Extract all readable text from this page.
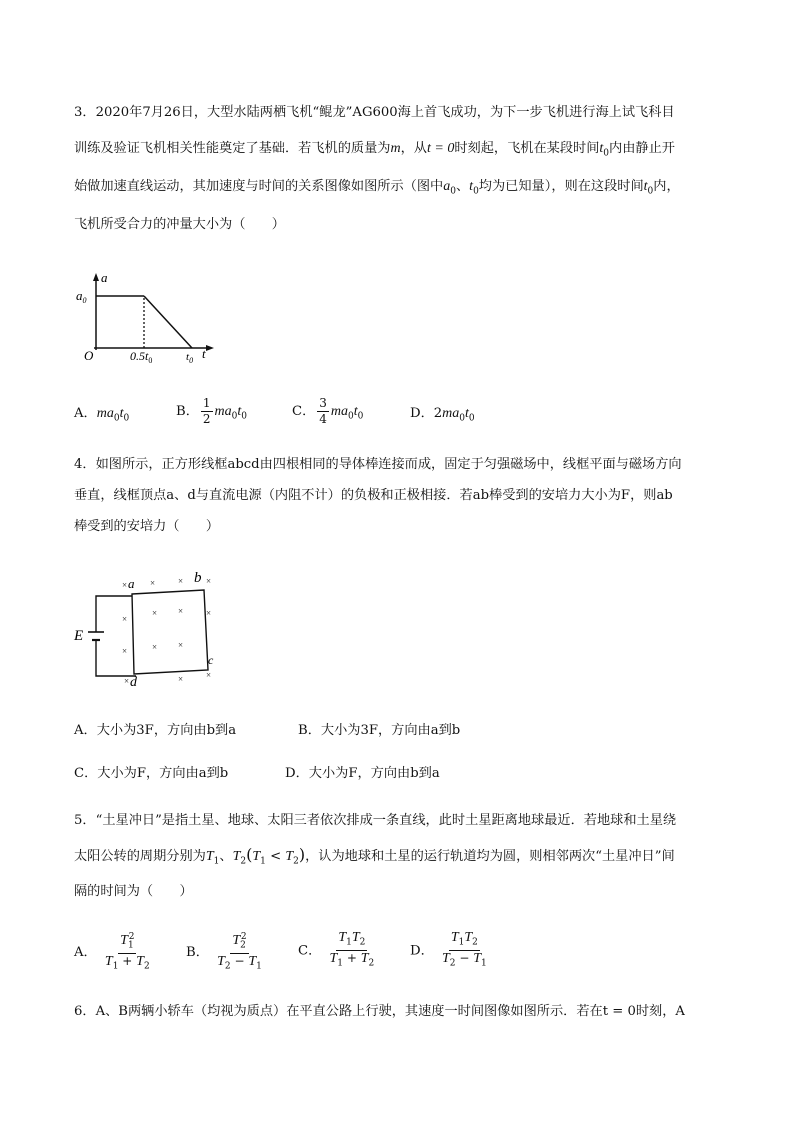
3．2020年7月26日，大型水陆两栖飞机“鲲龙”AG600海上首飞成功，为下一步飞机进行海上试飞科目
训练及验证飞机相关性能奠定了基础．若飞机的质量为m，从t = 0时刻起，飞机在某段时间$t_0$内由静止开
始做加速直线运动，其加速度与时间的关系图像如图所示（图中$a_0$、$t_0$均为已知量），则在这段时间$t_0$内，
飞机所受合力的冲量大小为（　　）
a
$a_0$
O	$0.5t_0$	$t_0$ t
A．$ma_0t_0$	B． $\frac{1}{2} ma_0t_0$	C． $\frac{3}{4} ma_0t_0$	D．$2ma_0t_0$
4．如图所示，正方形线框abcd由四根相同的导体棒连接而成，固定于匀强磁场中，线框平面与磁场方向
垂直，线框顶点a、d与直流电源（内阻不计）的负极和正极相接．若ab棒受到的安培力大小为F，则ab
棒受到的安培力（　　）
E
a	b
c
d
×	×	×	×
×
× ×	×
×	× ×
×	×	×
A．大小为3F，方向由b到a	B．大小为3F，方向由a到b
C．大小为F，方向由a到b	D．大小为F，方向由b到a
5．“土星冲日”是指土星、地球、太阳三者依次排成一条直线，此时土星距离地球最近．若地球和土星绕
太阳公转的周期分别为$T_1$、$T_2(T_1 < T_2)$，认为地球和土星的运行轨道均为圆，则相邻两次“土星冲日”间
隔的时间为（　　）
A． $\frac{T_1^2}{T_1 + T_2}$	B． $\frac{T_2^2}{T_2 - T_1}$	C． $\frac{T_1T_2}{T_1 + T_2}$	D． $\frac{T_1T_2}{T_2 - T_1}$
6．A、B两辆小轿车（均视为质点）在平直公路上行驶，其速度一时间图像如图所示．若在t = 0时刻，A
